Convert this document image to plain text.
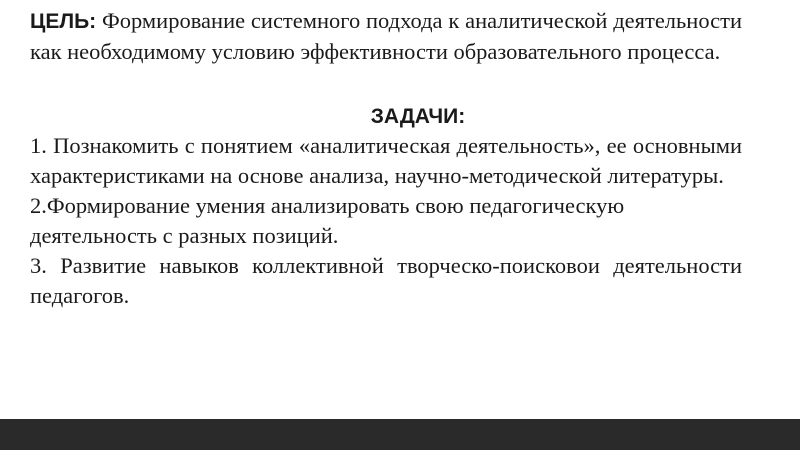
ЦЕЛЬ: Формирование системного подхода к аналитической деятельности как необходимому условию эффективности образовательного процесса.

ЗАДАЧИ:

1. Познакомить с понятием «аналитическая деятельность», ее основными характеристиками на основе анализа, научно-методической литературы.

2.Формирование умения анализировать свою педагогическую деятельность с разных позиций.

3. Развитие навыков коллективной творческо-поисковои деятельности педагогов.
